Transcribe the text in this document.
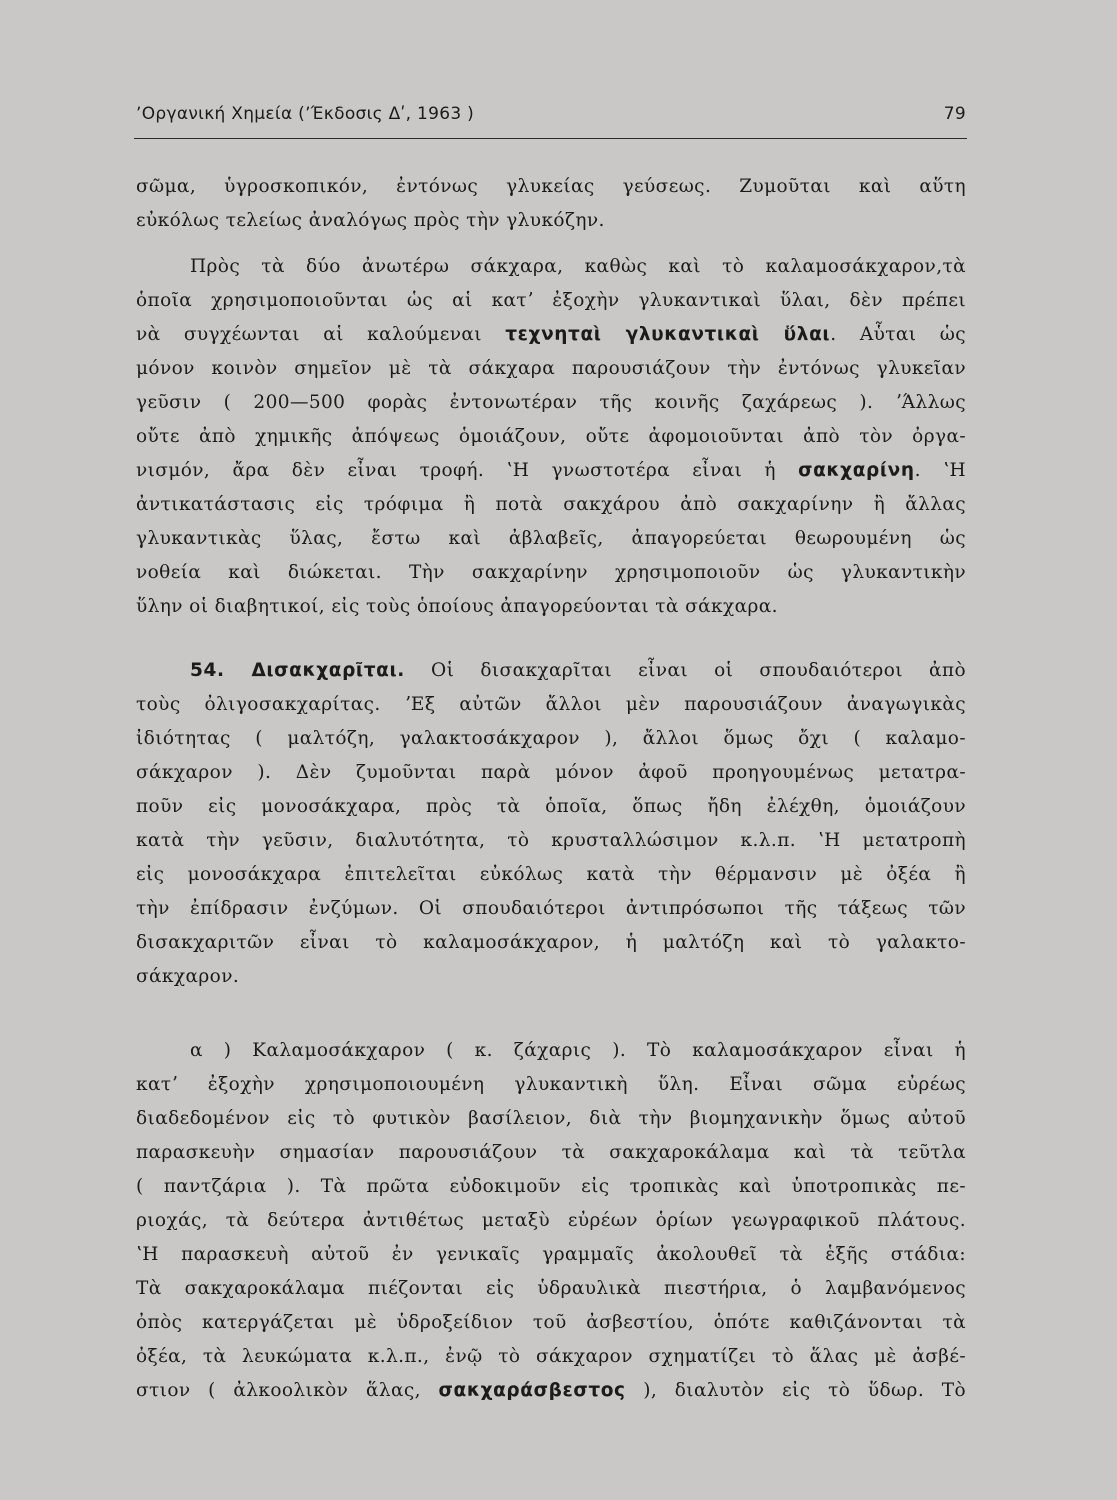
ʼΟργανική Χημεία (ʼΈκδοσις Δʹ, 1963 )	79
σῶμα, ὑγροσκοπικόν, ἐντόνως γλυκείας γεύσεως. Ζυμοῦται καὶ αὕτη
εὐκόλως τελείως ἀναλόγως πρὸς τὴν γλυκόζην.
Πρὸς τὰ δύο ἀνωτέρω σάκχαρα, καθὼς καὶ τὸ καλαμοσάκχαρον,τὰ
ὁποῖα χρησιμοποιοῦνται ὡς αἱ κατʼ ἐξοχὴν γλυκαντικαὶ ὕλαι, δὲν πρέπει
νὰ συγχέωνται αἱ καλούμεναι τεχνηταὶ γλυκαντικαὶ ὕλαι. Αὗται ὡς
μόνον κοινὸν σημεῖον μὲ τὰ σάκχαρα παρουσιάζουν τὴν ἐντόνως γλυκεῖαν
γεῦσιν ( 200—500 φορὰς ἐντονωτέραν τῆς κοινῆς ζαχάρεως ). ʼΆλλως
οὔτε ἀπὸ χημικῆς ἀπόψεως ὁμοιάζουν, οὔτε ἀφομοιοῦνται ἀπὸ τὸν ὀργα-
νισμόν, ἄρα δὲν εἶναι τροφή. ʽΗ γνωστοτέρα εἶναι ἡ σακχαρίνη. ʽΗ
ἀντικατάστασις εἰς τρόφιμα ἢ ποτὰ σακχάρου ἀπὸ σακχαρίνην ἢ ἄλλας
γλυκαντικὰς ὕλας, ἔστω καὶ ἀβλαβεῖς, ἀπαγορεύεται θεωρουμένη ὡς
νοθεία καὶ διώκεται. Τὴν σακχαρίνην χρησιμοποιοῦν ὡς γλυκαντικὴν
ὕλην οἱ διαβητικοί, εἰς τοὺς ὁποίους ἀπαγορεύονται τὰ σάκχαρα.
54. Δισακχαρῖται. Οἱ δισακχαρῖται εἶναι οἱ σπουδαιότεροι ἀπὸ
τοὺς ὀλιγοσακχαρίτας. ʼΕξ αὐτῶν ἄλλοι μὲν παρουσιάζουν ἀναγωγικὰς
ἰδιότητας ( μαλτόζη, γαλακτοσάκχαρον ), ἄλλοι ὅμως ὄχι ( καλαμο-
σάκχαρον ). Δὲν ζυμοῦνται παρὰ μόνον ἀφοῦ προηγουμένως μετατρα-
ποῦν εἰς μονοσάκχαρα, πρὸς τὰ ὁποῖα, ὅπως ἤδη ἐλέχθη, ὁμοιάζουν
κατὰ τὴν γεῦσιν, διαλυτότητα, τὸ κρυσταλλώσιμον κ.λ.π. ʽΗ μετατροπὴ
εἰς μονοσάκχαρα ἐπιτελεῖται εὐκόλως κατὰ τὴν θέρμανσιν μὲ ὀξέα ἢ
τὴν ἐπίδρασιν ἐνζύμων. Οἱ σπουδαιότεροι ἀντιπρόσωποι τῆς τάξεως τῶν
δισακχαριτῶν εἶναι τὸ καλαμοσάκχαρον, ἡ μαλτόζη καὶ τὸ γαλακτο-
σάκχαρον.
α ) Καλαμοσάκχαρον ( κ. ζάχαρις ). Τὸ καλαμοσάκχαρον εἶναι ἡ
κατʼ ἐξοχὴν χρησιμοποιουμένη γλυκαντικὴ ὕλη. Εἶναι σῶμα εὐρέως
διαδεδομένον εἰς τὸ φυτικὸν βασίλειον, διὰ τὴν βιομηχανικὴν ὅμως αὐτοῦ
παρασκευὴν σημασίαν παρουσιάζουν τὰ σακχαροκάλαμα καὶ τὰ τεῦτλα
( παντζάρια ). Τὰ πρῶτα εὐδοκιμοῦν εἰς τροπικὰς καὶ ὑποτροπικὰς πε-
ριοχάς, τὰ δεύτερα ἀντιθέτως μεταξὺ εὐρέων ὁρίων γεωγραφικοῦ πλάτους.
ʽΗ παρασκευὴ αὐτοῦ ἐν γενικαῖς γραμμαῖς ἀκολουθεῖ τὰ ἑξῆς στάδια:
Τὰ σακχαροκάλαμα πιέζονται εἰς ὑδραυλικὰ πιεστήρια, ὁ λαμβανόμενος
ὀπὸς κατεργάζεται μὲ ὑδροξείδιον τοῦ ἀσβεστίου, ὁπότε καθιζάνονται τὰ
ὀξέα, τὰ λευκώματα κ.λ.π., ἐνῷ τὸ σάκχαρον σχηματίζει τὸ ἅλας μὲ ἀσβέ-
στιον ( ἀλκοολικὸν ἅλας, σακχαράσβεστος ), διαλυτὸν εἰς τὸ ὕδωρ. Τὸ
